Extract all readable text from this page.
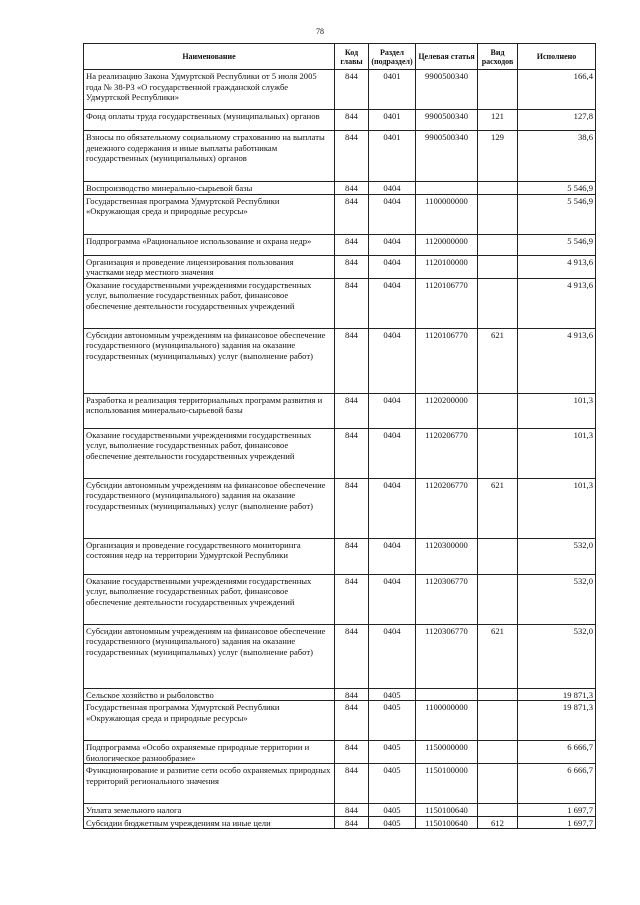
78
Наименование	Код главы	Раздел (подраздел)	Целевая статья	Вид расходов	Исполнено
На реализацию Закона Удмуртской Республики от 5 июля 2005 года № 38-РЗ «О государственной гражданской службе Удмуртской Республики»	844	0401	9900500340		166,4
Фонд оплаты труда государственных (муниципальных) органов	844	0401	9900500340	121	127,8
Взносы по обязательному социальному страхованию на выплаты денежного содержания и иные выплаты работникам государственных (муниципальных) органов	844	0401	9900500340	129	38,6
Воспроизводство минерально-сырьевой базы	844	0404			5 546,9
Государственная программа Удмуртской Республики «Окружающая среда и природные ресурсы»	844	0404	1100000000		5 546,9
Подпрограмма «Рациональное использование и охрана недр»	844	0404	1120000000		5 546,9
Организация и проведение лицензирования пользования участками недр местного значения	844	0404	1120100000		4 913,6
Оказание государственными учреждениями государственных услуг, выполнение государственных работ, финансовое обеспечение деятельности государственных учреждений	844	0404	1120106770		4 913,6
Субсидии автономным учреждениям на финансовое обеспечение государственного (муниципального) задания на оказание государственных (муниципальных) услуг (выполнение работ)	844	0404	1120106770	621	4 913,6
Разработка и реализация территориальных программ развития и использования минерально-сырьевой базы	844	0404	1120200000		101,3
Оказание государственными учреждениями государственных услуг, выполнение государственных работ, финансовое обеспечение деятельности государственных учреждений	844	0404	1120206770		101,3
Субсидии автономным учреждениям на финансовое обеспечение государственного (муниципального) задания на оказание государственных (муниципальных) услуг (выполнение работ)	844	0404	1120206770	621	101,3
Организация и проведение государственного мониторинга состояния недр на территории Удмуртской Республики	844	0404	1120300000		532,0
Оказание государственными учреждениями государственных услуг, выполнение государственных работ, финансовое обеспечение деятельности государственных учреждений	844	0404	1120306770		532,0
Субсидии автономным учреждениям на финансовое обеспечение государственного (муниципального) задания на оказание государственных (муниципальных) услуг (выполнение работ)	844	0404	1120306770	621	532,0
Сельское хозяйство и рыболовство	844	0405			19 871,3
Государственная программа Удмуртской Республики «Окружающая среда и природные ресурсы»	844	0405	1100000000		19 871,3
Подпрограмма «Особо охраняемые природные территории и биологическое разнообразие»	844	0405	1150000000		6 666,7
Функционирование и развитие сети особо охраняемых природных территорий регионального значения	844	0405	1150100000		6 666,7
Уплата земельного налога	844	0405	1150100640		1 697,7
Субсидии бюджетным учреждениям на иные цели	844	0405	1150100640	612	1 697,7
